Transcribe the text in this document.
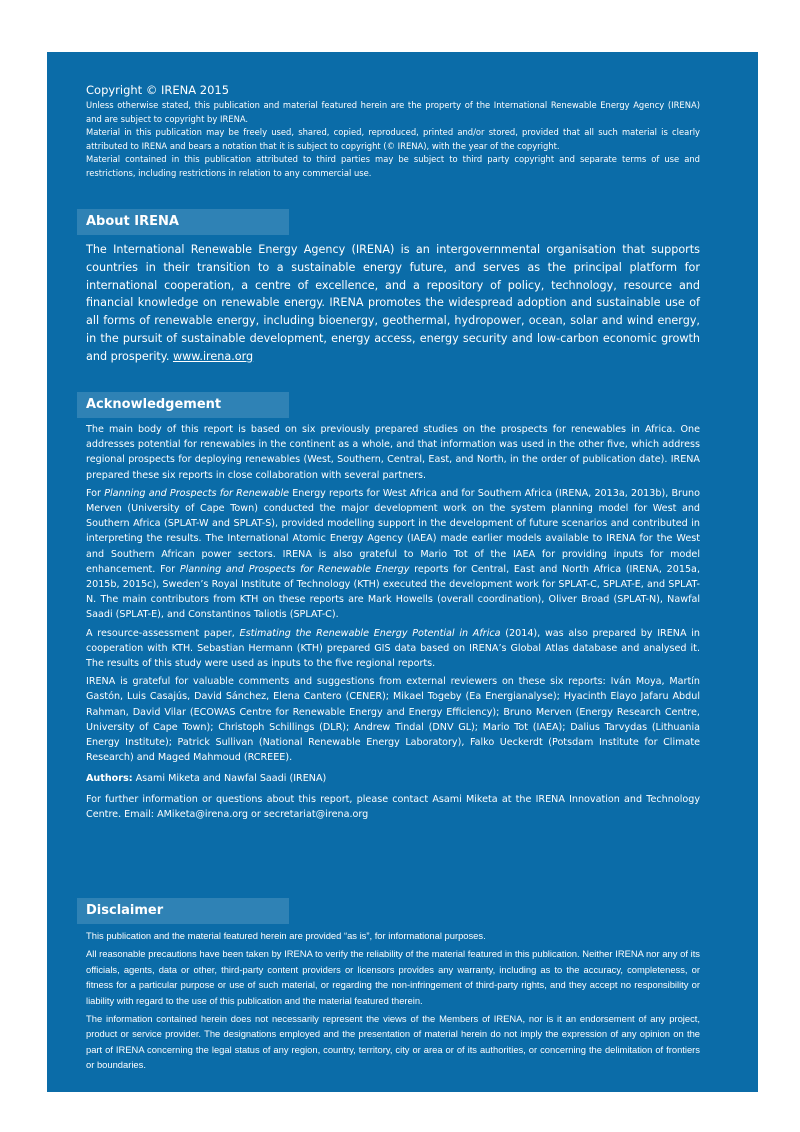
Copyright © IRENA 2015

Unless otherwise stated, this publication and material featured herein are the property of the International Renewable Energy Agency (IRENA) and are subject to copyright by IRENA.

Material in this publication may be freely used, shared, copied, reproduced, printed and/or stored, provided that all such material is clearly attributed to IRENA and bears a notation that it is subject to copyright (© IRENA), with the year of the copyright.

Material contained in this publication attributed to third parties may be subject to third party copyright and separate terms of use and restrictions, including restrictions in relation to any commercial use.

About IRENA

The International Renewable Energy Agency (IRENA) is an intergovernmental organisation that supports countries in their transition to a sustainable energy future, and serves as the principal platform for international cooperation, a centre of excellence, and a repository of policy, technology, resource and financial knowledge on renewable energy. IRENA promotes the widespread adoption and sustainable use of all forms of renewable energy, including bioenergy, geothermal, hydropower, ocean, solar and wind energy, in the pursuit of sustainable development, energy access, energy security and low-carbon economic growth and prosperity. www.irena.org

Acknowledgement

The main body of this report is based on six previously prepared studies on the prospects for renewables in Africa. One addresses potential for renewables in the continent as a whole, and that information was used in the other five, which address regional prospects for deploying renewables (West, Southern, Central, East, and North, in the order of publication date). IRENA prepared these six reports in close collaboration with several partners.

For Planning and Prospects for Renewable Energy reports for West Africa and for Southern Africa (IRENA, 2013a, 2013b), Bruno Merven (University of Cape Town) conducted the major development work on the system planning model for West and Southern Africa (SPLAT-W and SPLAT-S), provided modelling support in the development of future scenarios and contributed in interpreting the results. The International Atomic Energy Agency (IAEA) made earlier models available to IRENA for the West and Southern African power sectors. IRENA is also grateful to Mario Tot of the IAEA for providing inputs for model enhancement. For Planning and Prospects for Renewable Energy reports for Central, East and North Africa (IRENA, 2015a, 2015b, 2015c), Sweden’s Royal Institute of Technology (KTH) executed the development work for SPLAT-C, SPLAT-E, and SPLAT-N. The main contributors from KTH on these reports are Mark Howells (overall coordination), Oliver Broad (SPLAT-N), Nawfal Saadi (SPLAT-E), and Constantinos Taliotis (SPLAT-C).

A resource-assessment paper, Estimating the Renewable Energy Potential in Africa (2014), was also prepared by IRENA in cooperation with KTH. Sebastian Hermann (KTH) prepared GIS data based on IRENA’s Global Atlas database and analysed it. The results of this study were used as inputs to the five regional reports.

IRENA is grateful for valuable comments and suggestions from external reviewers on these six reports: Iván Moya, Martín Gastón, Luis Casajús, David Sánchez, Elena Cantero (CENER); Mikael Togeby (Ea Energianalyse); Hyacinth Elayo Jafaru Abdul Rahman, David Vilar (ECOWAS Centre for Renewable Energy and Energy Efficiency); Bruno Merven (Energy Research Centre, University of Cape Town); Christoph Schillings (DLR); Andrew Tindal (DNV GL); Mario Tot (IAEA); Dalius Tarvydas (Lithuania Energy Institute); Patrick Sullivan (National Renewable Energy Laboratory), Falko Ueckerdt (Potsdam Institute for Climate Research) and Maged Mahmoud (RCREEE).

Authors: Asami Miketa and Nawfal Saadi (IRENA)

For further information or questions about this report, please contact Asami Miketa at the IRENA Innovation and Technology Centre. Email: AMiketa@irena.org or secretariat@irena.org

Disclaimer

This publication and the material featured herein are provided “as is”, for informational purposes.

All reasonable precautions have been taken by IRENA to verify the reliability of the material featured in this publication. Neither IRENA nor any of its officials, agents, data or other, third-party content providers or licensors provides any warranty, including as to the accuracy, completeness, or fitness for a particular purpose or use of such material, or regarding the non-infringement of third-party rights, and they accept no responsibility or liability with regard to the use of this publication and the material featured therein.

The information contained herein does not necessarily represent the views of the Members of IRENA, nor is it an endorsement of any project, product or service provider. The designations employed and the presentation of material herein do not imply the expression of any opinion on the part of IRENA concerning the legal status of any region, country, territory, city or area or of its authorities, or concerning the delimitation of frontiers or boundaries.
